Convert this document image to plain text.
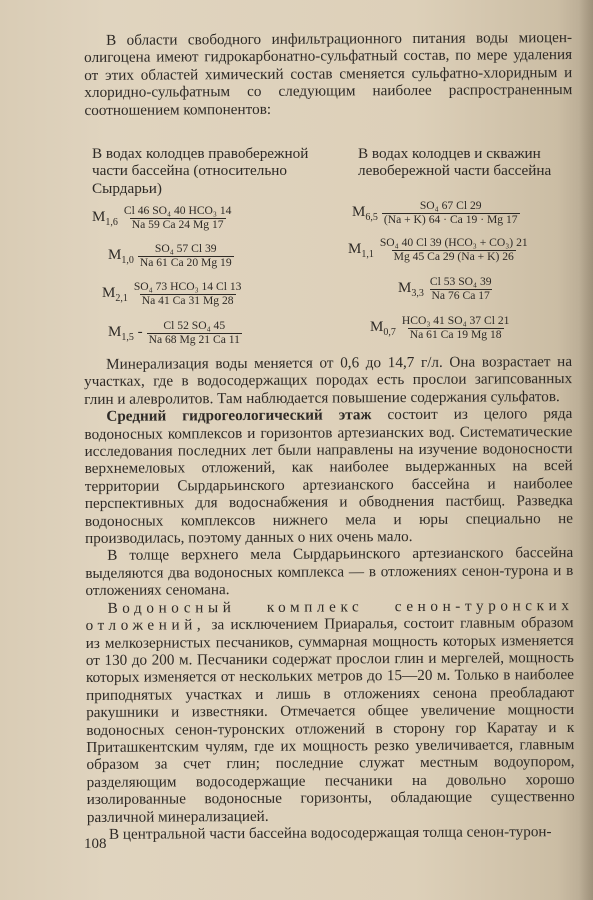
В области свободного инфильтрационного питания воды миоцен-олигоцена имеют гидрокарбонатно-сульфатный состав, по мере удаления от этих областей химический состав сменяется сульфатно-хлоридным и хлоридно-сульфатным со следующим наиболее распространенным соотношением компонентов:

В водах колодцев правобережной части бассейна (относительно Сырдарьи)
В водах колодцев и скважин левобережной части бассейна
$M_{1,6} \frac{\text{Cl 46 SO₄ 40 HCO₃ 14}}{Na 59 Ca 24 Mg 17}$
$M_{1,0} \frac{\text{SO₄ 57 Cl 39}}{Na 61 Ca 20 Mg 19}$
$M_{2,1} \frac{\text{SO₄ 73 HCO₃ 14 Cl 13}}{Na 41 Ca 31 Mg 28}$
$M_{1,5} - \frac{\text{Cl 52 SO₄ 45}}{Na 68 Mg 21 Ca 11}$
$M_{6,5} \frac{\text{SO₄ 67 Cl 29}}{(Na + K) 64 \cdot Ca 19 \cdot Mg 17}$
$M_{1,1} \frac{\text{SO₄ 40 Cl 39 (HCO₃ + CO₃) 21}}{Mg 45 Ca 29 (Na + K) 26}$
$M_{3,3} \frac{\text{Cl 53 SO₄ 39}}{Na 76 Ca 17}$
$M_{0,7} \frac{\text{HCO₃ 41 SO₄ 37 Cl 21}}{Na 61 Ca 19 Mg 18}$

Минерализация воды меняется от 0,6 до 14,7 г/л. Она возрастает на участках, где в водосодержащих породах есть прослои загипсованных глин и алевролитов. Там наблюдается повышение содержания сульфатов.

Средний гидрогеологический этаж состоит из целого ряда водоносных комплексов и горизонтов артезианских вод. Систематические исследования последних лет были направлены на изучение водоносности верхнемеловых отложений, как наиболее выдержанных на всей территории Сырдарьинского артезианского бассейна и наиболее перспективных для водоснабжения и обводнения пастбищ. Разведка водоносных комплексов нижнего мела и юры специально не производилась, поэтому данных о них очень мало.

В толще верхнего мела Сырдарьинского артезианского бассейна выделяются два водоносных комплекса — в отложениях сенон-турона и в отложениях сеномана.

Водоносный комплекс сенон-туронских отложений, за исключением Приаралья, состоит главным образом из мелкозернистых песчаников, суммарная мощность которых изменяется от 130 до 200 м. Песчаники содержат прослои глин и мергелей, мощность которых изменяется от нескольких метров до 15—20 м. Только в наиболее приподнятых участках и лишь в отложениях сенона преобладают ракушники и известняки. Отмечается общее увеличение мощности водоносных сенон-туронских отложений в сторону гор Каратау и к Приташкентским чулям, где их мощность резко увеличивается, главным образом за счет глин; последние служат местным водоупором, разделяющим водосодержащие песчаники на довольно хорошо изолированные водоносные горизонты, обладающие существенно различной минерализацией.

В центральной части бассейна водосодержащая толща сенон-турон-

108
